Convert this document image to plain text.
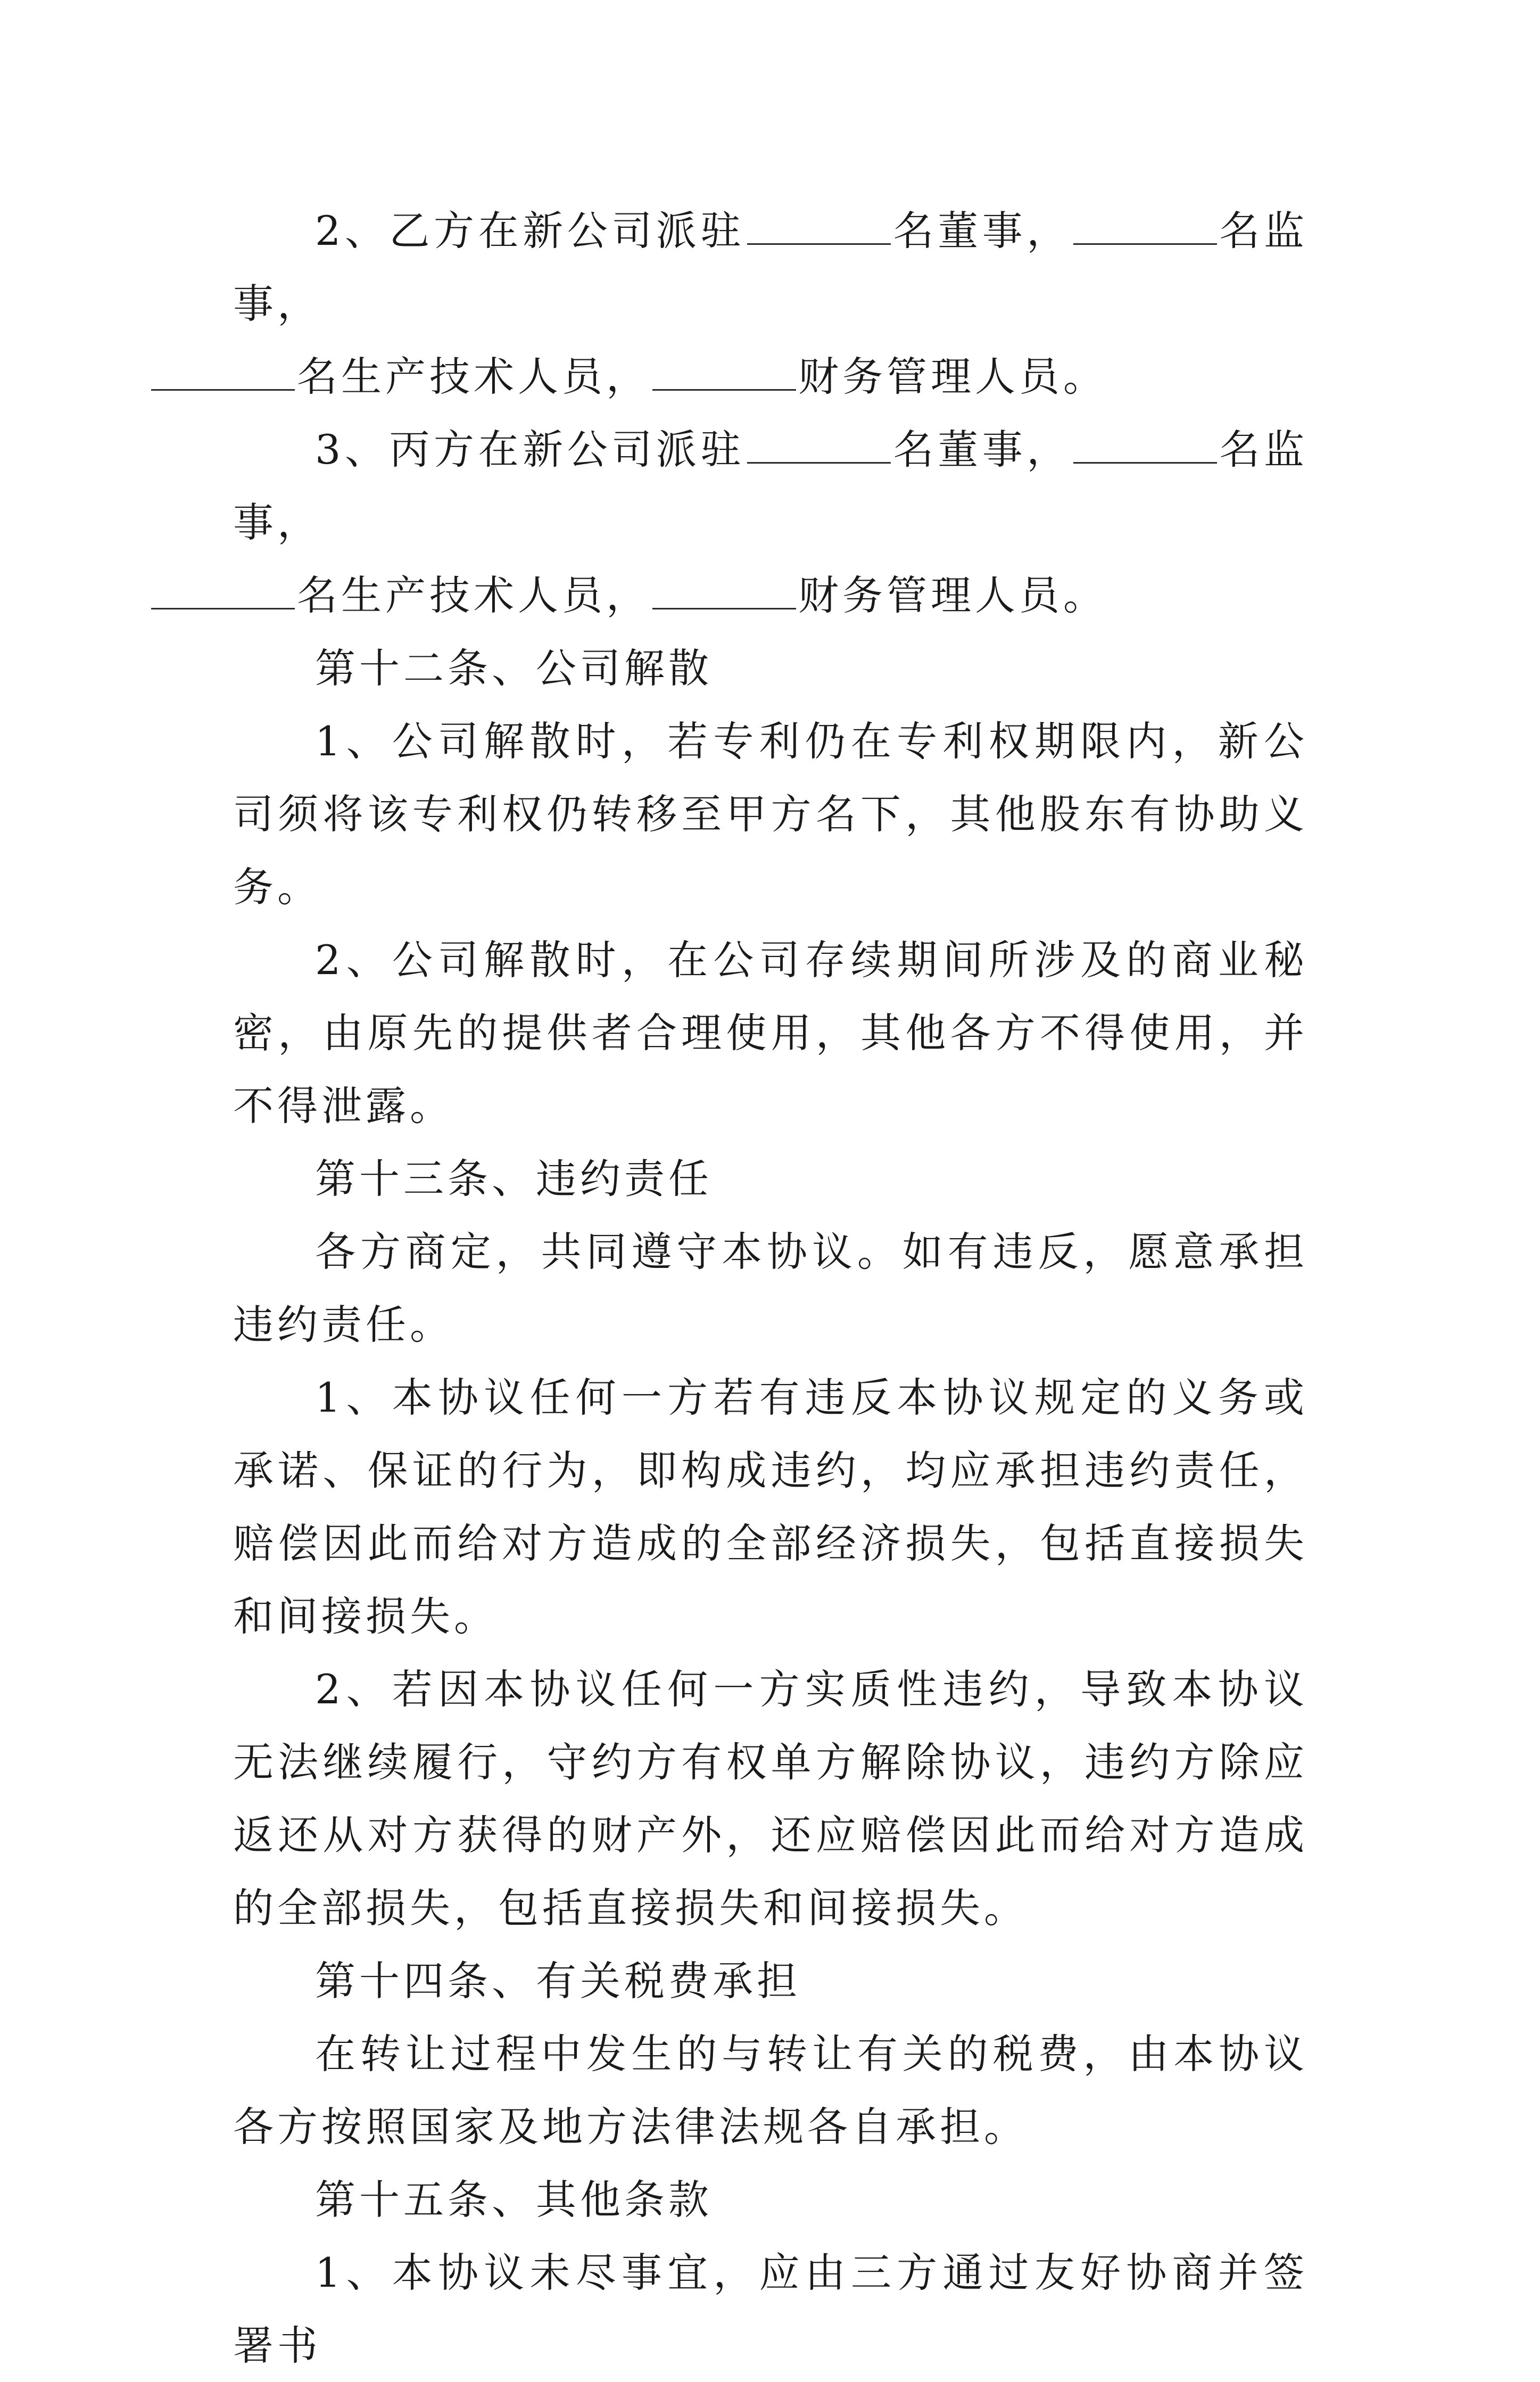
2、乙方在新公司派驻	名董事，	名监事，
名生产技术人员，	财务管理人员。

3、丙方在新公司派驻	名董事，	名监事，
名生产技术人员，	财务管理人员。

第十二条、公司解散

1、公司解散时，若专利仍在专利权期限内，新公司须将该专利权仍转移至甲方名下，其他股东有协助义务。

2、公司解散时，在公司存续期间所涉及的商业秘密，由原先的提供者合理使用，其他各方不得使用，并不得泄露。

第十三条、违约责任

各方商定，共同遵守本协议。如有违反，愿意承担违约责任。

1、本协议任何一方若有违反本协议规定的义务或承诺、保证的行为，即构成违约，均应承担违约责任，赔偿因此而给对方造成的全部经济损失，包括直接损失和间接损失。

2、若因本协议任何一方实质性违约，导致本协议无法继续履行，守约方有权单方解除协议，违约方除应返还从对方获得的财产外，还应赔偿因此而给对方造成的全部损失，包括直接损失和间接损失。

第十四条、有关税费承担

在转让过程中发生的与转让有关的税费，由本协议各方按照国家及地方法律法规各自承担。

第十五条、其他条款

1、本协议未尽事宜，应由三方通过友好协商并签署书
